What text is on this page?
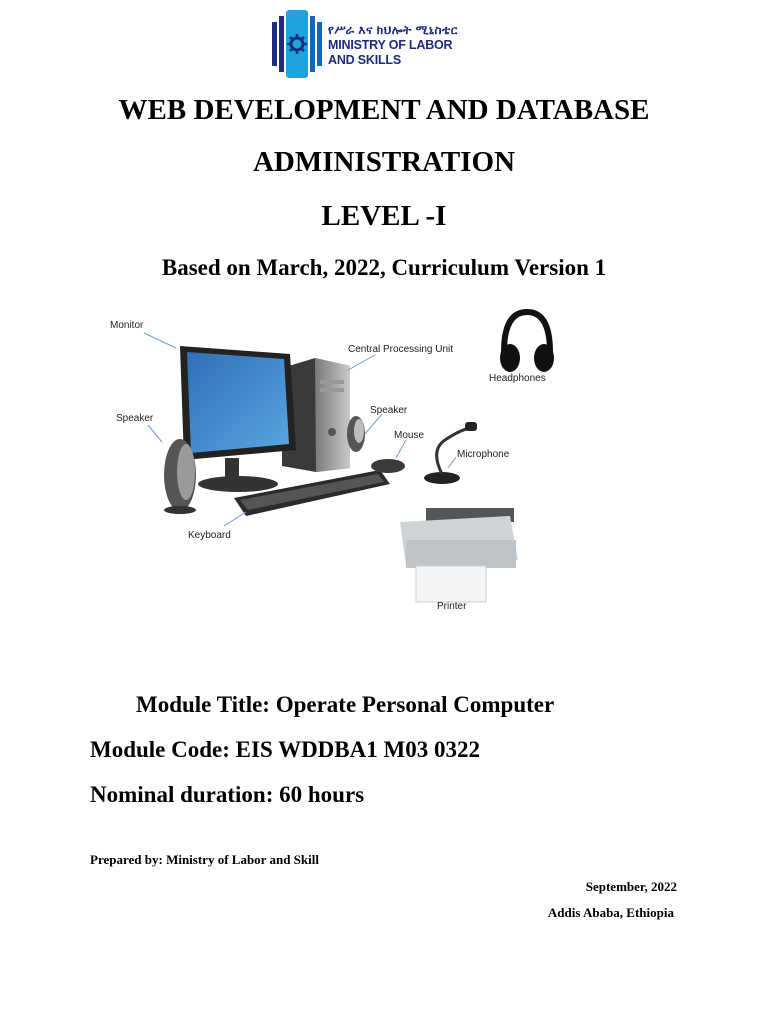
የሥራ እና ክህሎት ሚኒስቴር
MINISTRY OF LABOR
AND SKILLS
WEB DEVELOPMENT AND DATABASE
ADMINISTRATION
LEVEL -I
Based on March, 2022, Curriculum Version 1
Monitor
Central Processing Unit
Headphones
Speaker
Speaker
Mouse
Microphone
Keyboard
Printer
Module Title: Operate Personal Computer
Module Code: EIS WDDBA1 M03 0322
Nominal duration: 60 hours
Prepared by: Ministry of Labor and Skill
September, 2022
Addis Ababa, Ethiopia
